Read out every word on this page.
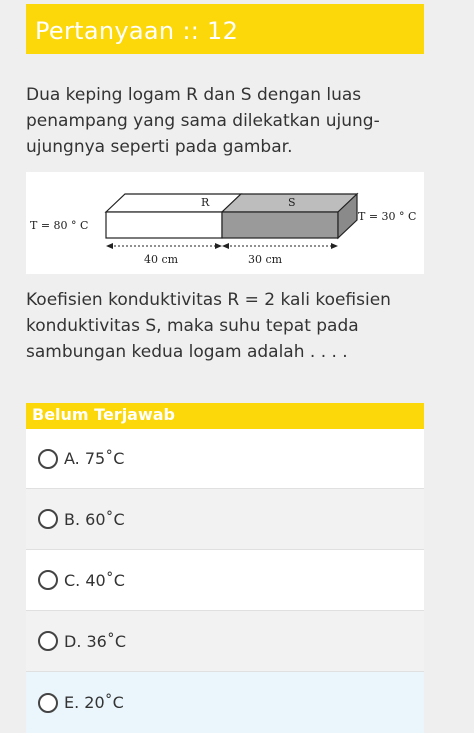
Pertanyaan :: 12
Dua keping logam R dan S dengan luas penampang yang sama dilekatkan ujung-ujungnya seperti pada gambar.
R	S
T = 80 ° C
T = 30 ° C
40 cm	30 cm
Koefisien konduktivitas R = 2 kali koefisien konduktivitas S, maka suhu tepat pada sambungan kedua logam adalah . . . .
Belum Terjawab
A. 75˚C
B. 60˚C
C. 40˚C
D. 36˚C
E. 20˚C
